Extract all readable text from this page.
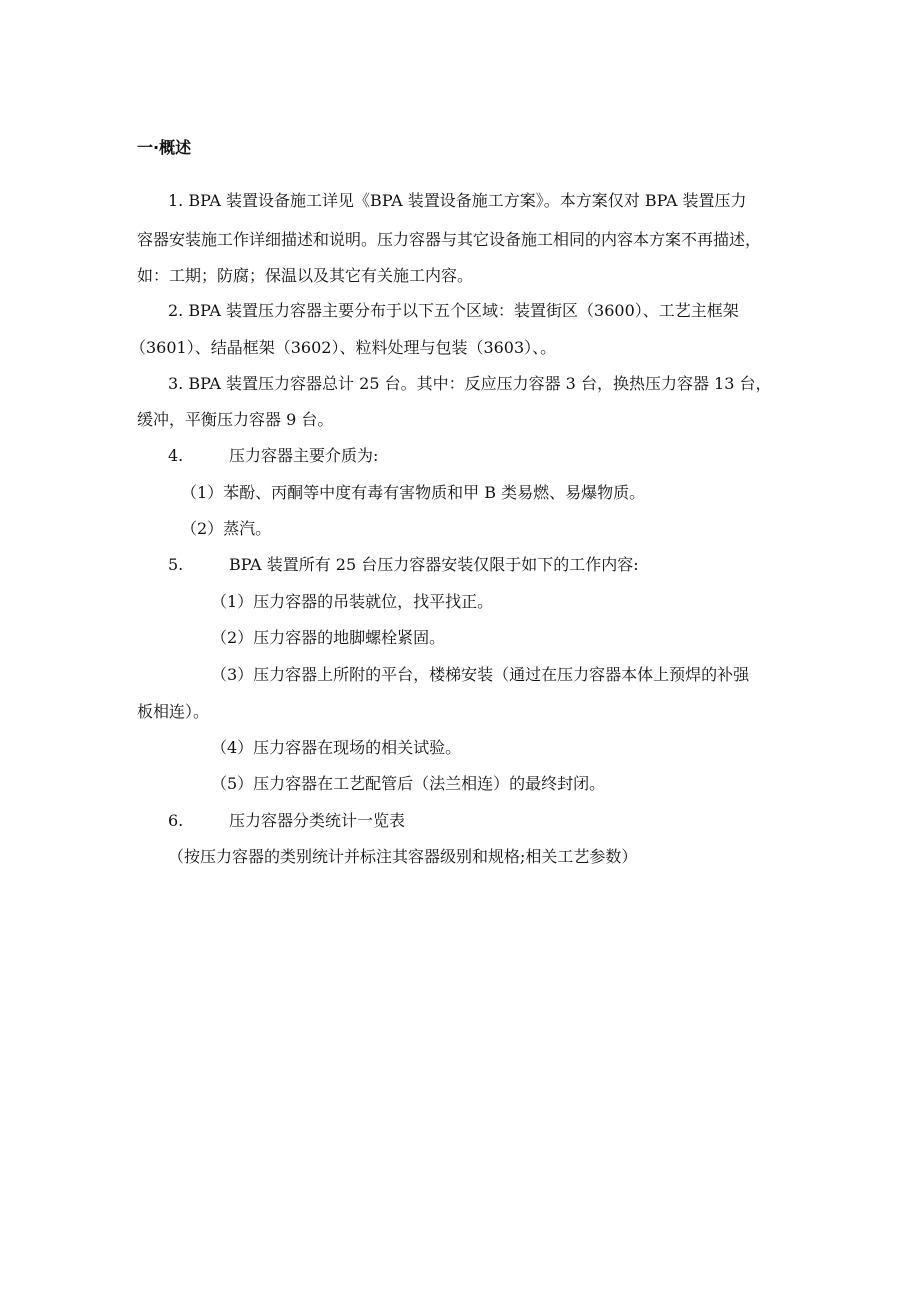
一·概述
1. BPA 装置设备施工详见《BPA 装置设备施工方案》。本方案仅对 BPA 装置压力
容器安装施工作详细描述和说明。压力容器与其它设备施工相同的内容本方案不再描述，
如：工期；防腐；保温以及其它有关施工内容。
2. BPA 装置压力容器主要分布于以下五个区域：装置街区（3600）、工艺主框架
（3601）、结晶框架（3602）、粒料处理与包装（3603）、。
3. BPA 装置压力容器总计 25 台。其中：反应压力容器 3 台，换热压力容器 13 台，
缓冲，平衡压力容器 9 台。
4.	压力容器主要介质为:
（1）苯酚、丙酮等中度有毒有害物质和甲 B 类易燃、易爆物质。
（2）蒸汽。
5.	BPA 装置所有 25 台压力容器安装仅限于如下的工作内容:
（1）压力容器的吊装就位，找平找正。
（2）压力容器的地脚螺栓紧固。
（3）压力容器上所附的平台，楼梯安装（通过在压力容器本体上预焊的补强
板相连）。
（4）压力容器在现场的相关试验。
（5）压力容器在工艺配管后（法兰相连）的最终封闭。
6.	压力容器分类统计一览表
（按压力容器的类别统计并标注其容器级别和规格;相关工艺参数）
